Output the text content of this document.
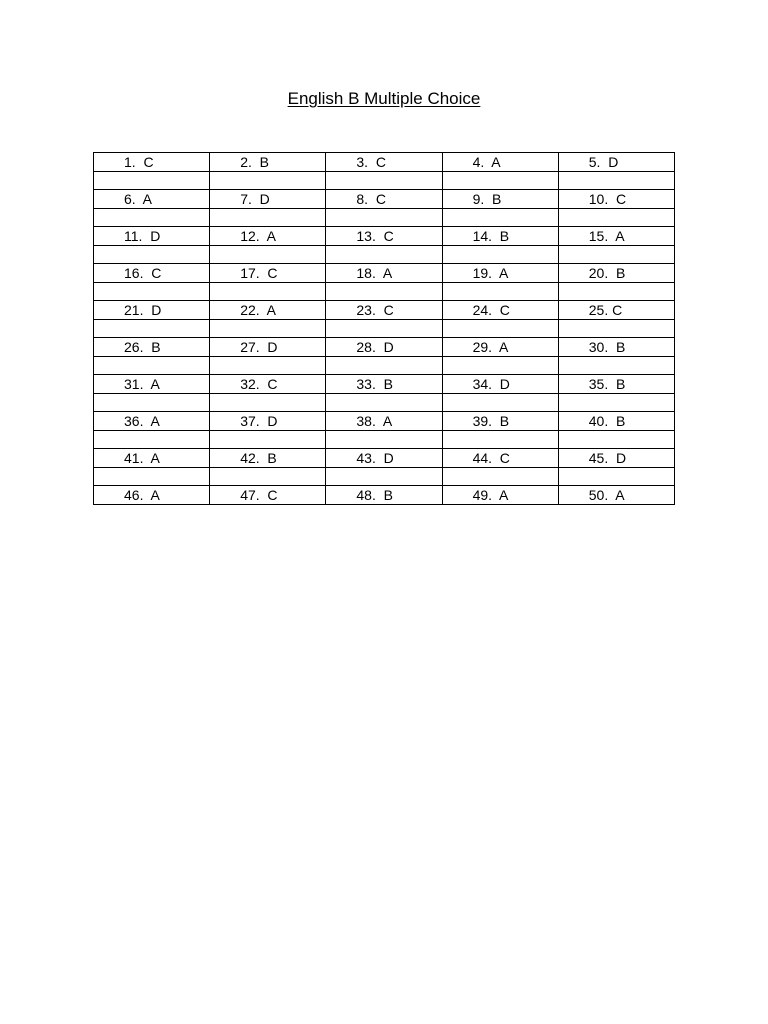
English B Multiple Choice
1.  C	2.  B	3.  C	4.  A	5.  D

6.  A	7.  D	8.  C	9.  B	10.  C

11.  D	12.  A	13.  C	14.  B	15.  A

16.  C	17.  C	18.  A	19.  A	20.  B

21.  D	22.  A	23.  C	24.  C	25. C

26.  B	27.  D	28.  D	29.  A	30.  B

31.  A	32.  C	33.  B	34.  D	35.  B

36.  A	37.  D	38.  A	39.  B	40.  B

41.  A	42.  B	43.  D	44.  C	45.  D

46.  A	47.  C	48.  B	49.  A	50.  A
